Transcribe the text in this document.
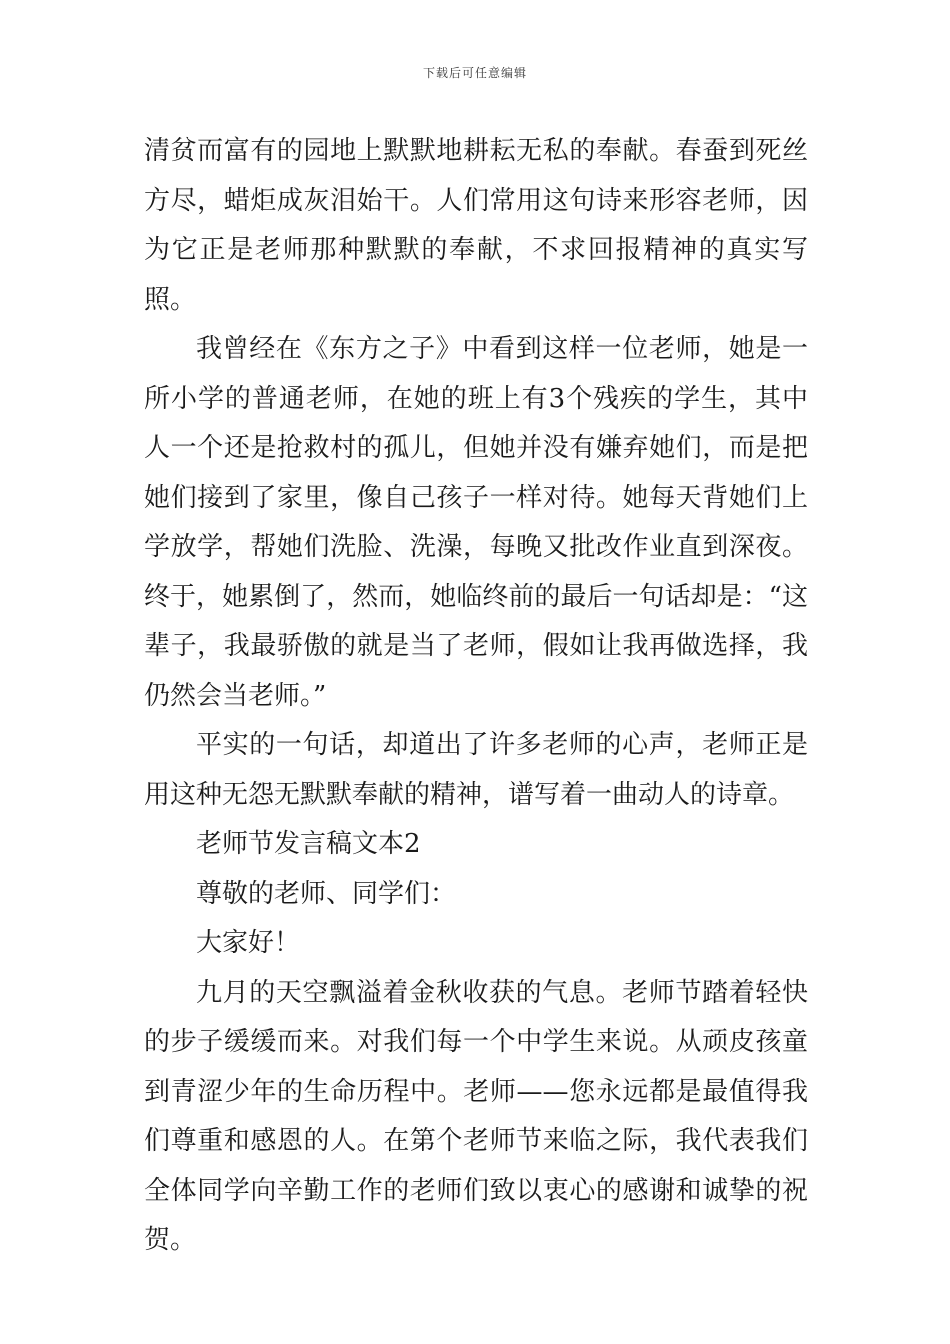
下载后可任意编辑

清贫而富有的园地上默默地耕耘无私的奉献。春蚕到死丝方尽，蜡炬成灰泪始干。人们常用这句诗来形容老师，因为它正是老师那种默默的奉献，不求回报精神的真实写照。

我曾经在《东方之子》中看到这样一位老师，她是一所小学的普通老师，在她的班上有3个残疾的学生，其中人一个还是抢救村的孤儿，但她并没有嫌弃她们，而是把她们接到了家里，像自己孩子一样对待。她每天背她们上学放学，帮她们洗脸、洗澡，每晚又批改作业直到深夜。终于，她累倒了，然而，她临终前的最后一句话却是：“这辈子，我最骄傲的就是当了老师，假如让我再做选择，我仍然会当老师。”

平实的一句话，却道出了许多老师的心声，老师正是用这种无怨无默默奉献的精神，谱写着一曲动人的诗章。

老师节发言稿文本2

尊敬的老师、同学们：

大家好！

九月的天空飘溢着金秋收获的气息。老师节踏着轻快的步子缓缓而来。对我们每一个中学生来说。从顽皮孩童到青涩少年的生命历程中。老师——您永远都是最值得我们尊重和感恩的人。在第个老师节来临之际，我代表我们全体同学向辛勤工作的老师们致以衷心的感谢和诚挚的祝贺。
